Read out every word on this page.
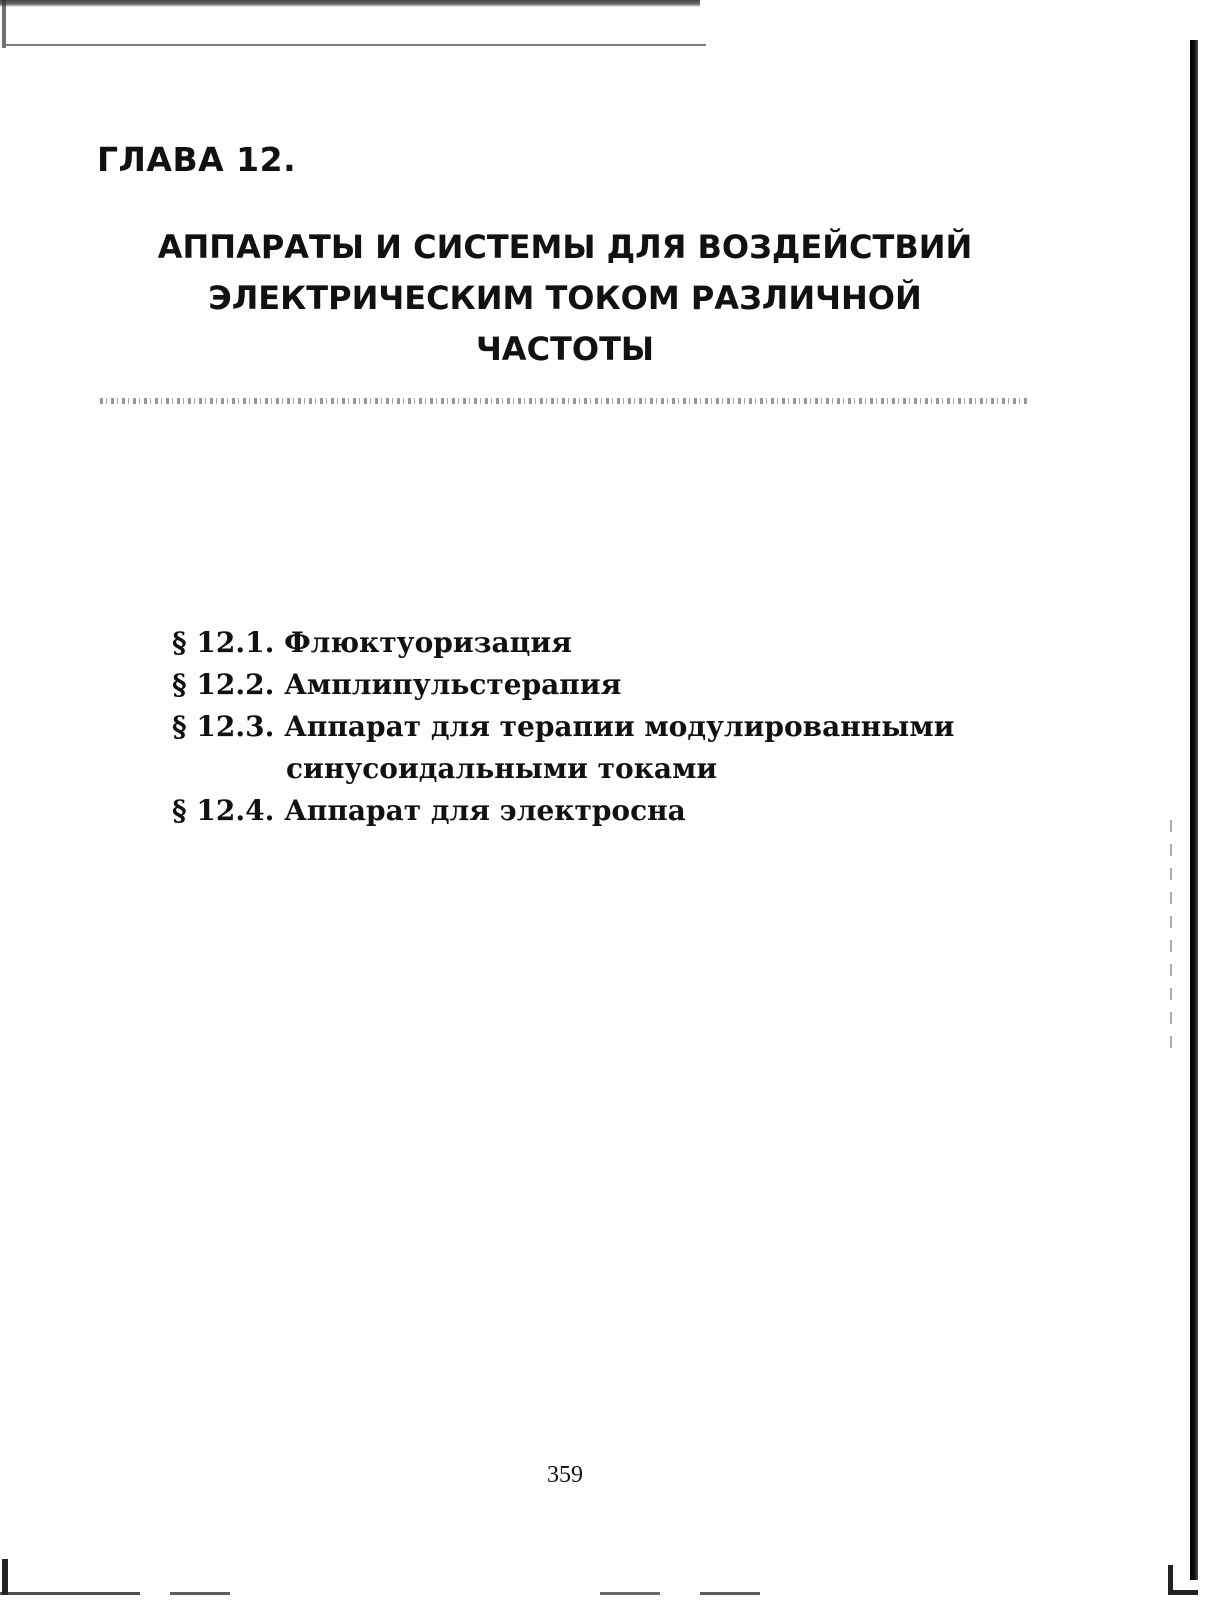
ГЛАВА 12.
АППАРАТЫ И СИСТЕМЫ ДЛЯ ВОЗДЕЙСТВИЙ
ЭЛЕКТРИЧЕСКИМ ТОКОМ РАЗЛИЧНОЙ
ЧАСТОТЫ
§ 12.1. Флюктуоризация
§ 12.2. Амплипульстерапия
§ 12.3. Аппарат для терапии модулированными
синусоидальными токами
§ 12.4. Аппарат для электросна
359
